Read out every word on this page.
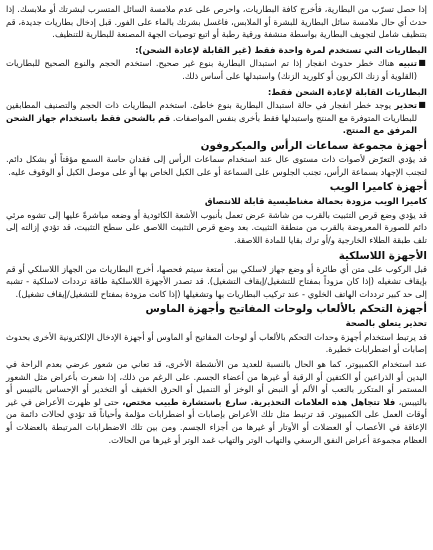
إذا حصل تسرّب من البطارية، فأخرج كافة البطاريات، واحرص على عدم ملامسة السائل المتسرب لبشرتك أو ملابسك. إذا حدث أي حال ملامسة سائل البطارية للبشرة أو الملابس، فاغسل بشرتك بالماء على الفور. قبل إدخال بطاريات جديدة، قم بتنظيف شامل لتجويف البطارية بواسطة منشفة ورقية رطبة أو اتبع توصيات الجهة المصنعة للبطارية للتنظيف.

البطاريات التي تستخدم لمرة واحدة فقط (غير القابلة لإعادة الشحن):
■

تنبيه هناك خطر حدوث انفجار إذا تم استبدال البطارية بنوع غير صحيح. استخدم الحجم والنوع الصحيح للبطاريات (القلوية أو زنك الكربون أو كلوريد الزنك) واستبدلها على أساس ذلك.

البطاريات القابلة لإعادة الشحن فقط:
■

تحذير يوجد خطر انفجار في حالة استبدال البطارية بنوع خاطئ. استخدم البطاريات ذات الحجم والتصنيف المطابقين للبطاريات المتوفرة مع المنتج واستبدلها فقط بأخرى بنفس المواصفات. قم بالشحن فقط باستخدام جهاز الشحن المرفق مع المنتج.

أجهزة مجموعة سماعات الرأس والميكروفون

قد يؤدي التعرّض لأصوات ذات مستوى عال عند استخدام سماعات الرأس إلى فقدان حاسة السمع مؤقتاً أو بشكل دائم. لتجنب الإجهاد بسماعة الرأس، تجنب الجلوس على السماعة أو على الكبل الخاص بها أو على موصل الكبل أو الوقوف عليه.

أجهزة كاميرا الويب
كاميرا الويب مزودة بحمالة مغناطيسية قابلة للانتصاق

قد يؤدي وضع قرص التثبيت بالقرب من شاشة عرض تعمل بأنبوب الأشعة الكاثودية أو وضعه مباشرةً عليها إلى تشوه مرئي دائم للصورة المعروضة بالقرب من منطقة التثبيت. بعد وضع قرص التثبيت اللاصق على سطح التثبيت، قد تؤدي إزالته إلى تلف طبقة الطلاء الخارجية و/أو ترك بقايا للمادة اللاصقة.

الأجهزة اللاسلكية

قبل الركوب على متن أي طائرة أو وضع جهاز لاسلكي بين أمتعة سيتم فحصها، أخرج البطاريات من الجهاز اللاسلكي أو قم بإيقاف تشغيله (إذا كان مزوداً بمفتاح للتشغيل/إيقاف التشغيل). قد تصدر الأجهزة اللاسلكية طاقة ترددات لاسلكية - تشبه إلى حد كبير ترددات الهاتف الخلوي - عند تركيب البطاريات بها وتشغيلها (إذا كانت مزودة بمفتاح للتشغيل/إيقاف تشغيل).

أجهزة التحكم بالألعاب ولوحات المفاتيح وأجهزة الماوس
تحذير يتعلق بالصحة

قد يرتبط استخدام أجهزة وحدات التحكم بالألعاب أو لوحات المفاتيح أو الماوس أو أجهزة الإدخال الإلكترونية الأخرى بحدوث إصابات أو اضطرابات خطيرة.

عند استخدام الكمبيوتر، كما هو الحال بالنسبة للعديد من الأنشطة الأخرى، قد تعاني من شعور عرضي بعدم الراحة في اليدين أو الذراعين أو الكتفين أو الرقبة أو غيرها من أعضاء الجسم. على الرغم من ذلك، إذا شعرت بأعراض مثل الشعور المستمر أو المتكرر بالتعب أو الألم أو النبض أو الوخز أو التنميل أو الحرق الخفيف أو التخدير أو الإحساس بالتيبس أو بالتيبس، فلا تتجاهل هذه العلامات التحذيرية. سارع باستشارة طبيب مختص، حتى لو ظهرت الأعراض في غير أوقات العمل على الكمبيوتر. قد ترتبط مثل تلك الأعراض بإصابات أو اضطرابات مؤلمة وأحياناً قد تؤدي لحالات دائمة من الإعاقة في الأعصاب أو العضلات أو الأوتار أو غيرها من أجزاء الجسم. ومن بين تلك الاضطرابات المرتبطة بالعضلات أو العظام مجموعة أعراض النفق الرسغي والتهاب الوتر والتهاب غمد الوتر أو غيرها من الحالات.
